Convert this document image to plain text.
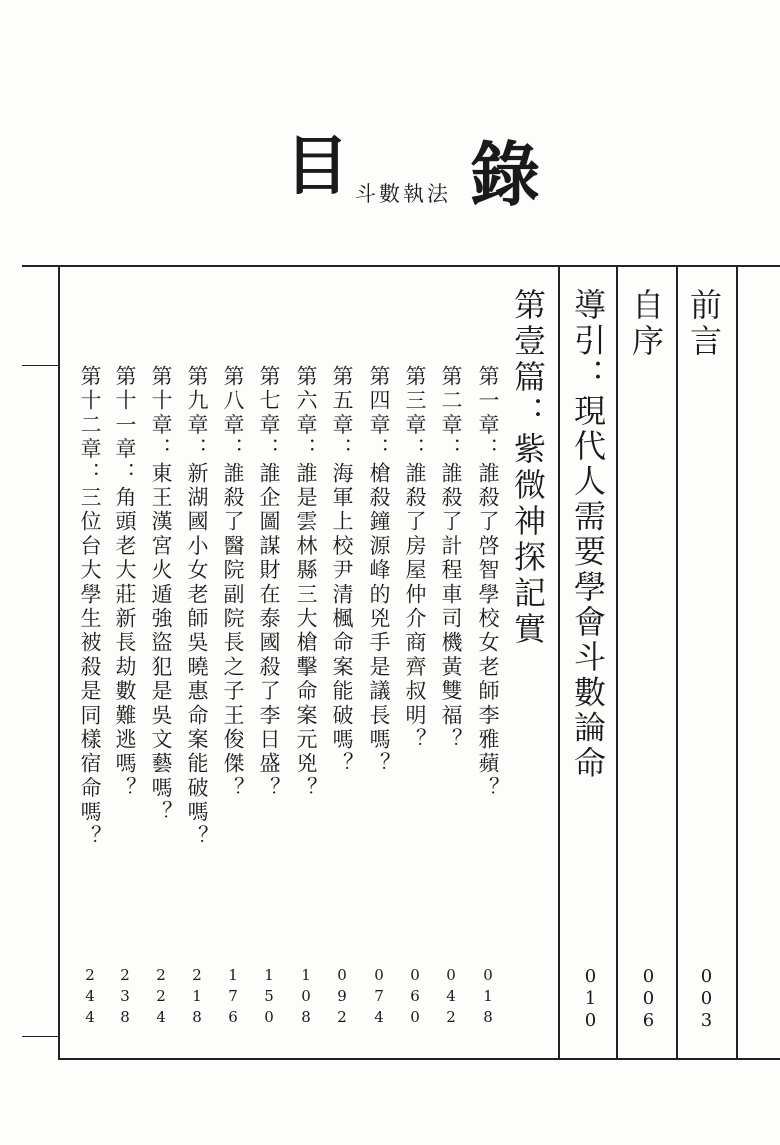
目 斗數執法 錄
前言
003
自序
006
導引：現代人需要學會斗數論命
010
第壹篇：紫微神探記實
第一章：誰殺了啓智學校女老師李雅蘋？
018
第二章：誰殺了計程車司機黃雙福？
042
第三章：誰殺了房屋仲介商齊叔明？
060
第四章：槍殺鐘源峰的兇手是議長嗎？
074
第五章：海軍上校尹清楓命案能破嗎？
092
第六章：誰是雲林縣三大槍擊命案元兇？
108
第七章：誰企圖謀財在泰國殺了李日盛？
150
第八章：誰殺了醫院副院長之子王俊傑？
176
第九章：新湖國小女老師吳曉惠命案能破嗎？
218
第十章：東王漢宮火遁強盜犯是吳文藝嗎？
224
第十一章：角頭老大莊新長劫數難逃嗎？
238
第十二章：三位台大學生被殺是同樣宿命嗎？
244
